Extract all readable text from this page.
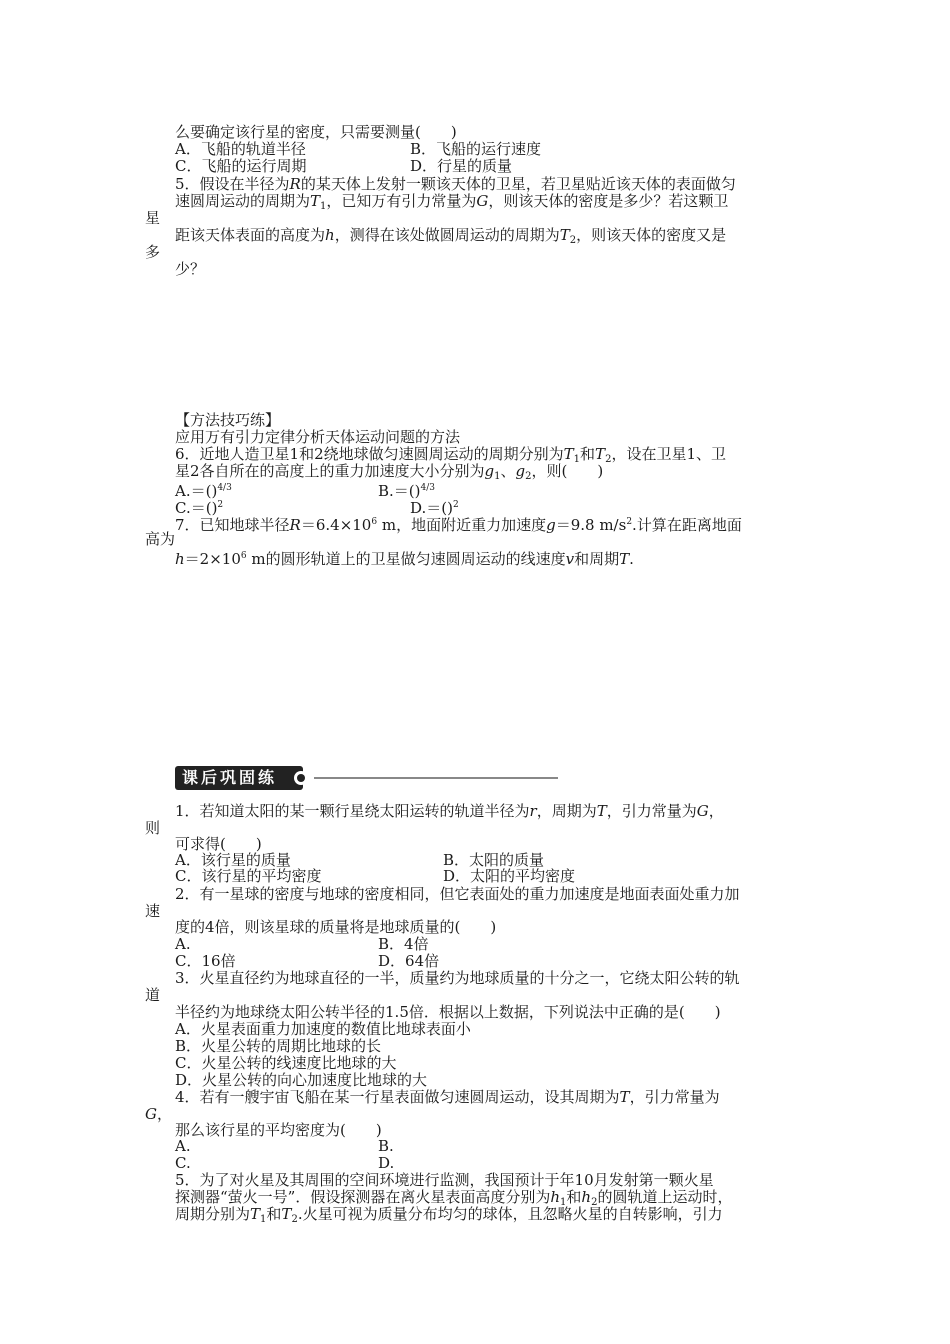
么要确定该行星的密度，只需要测量(　　)
A．飞船的轨道半径	B．飞船的运行速度
C．飞船的运行周期	D．行星的质量
5．假设在半径为R的某天体上发射一颗该天体的卫星，若卫星贴近该天体的表面做匀
速圆周运动的周期为$T_1$，已知万有引力常量为G，则该天体的密度是多少？若这颗卫
星
距该天体表面的高度为h，测得在该处做圆周运动的周期为$T_2$，则该天体的密度又是
多
少？
【方法技巧练】
应用万有引力定律分析天体运动问题的方法
6．近地人造卫星1和2绕地球做匀速圆周运动的周期分别为$T_1$和$T_2$，设在卫星1、卫
星2各自所在的高度上的重力加速度大小分别为$g_1$、$g_2$，则(　　)
A.＝()$^{4/3}$	B.＝()$^{4/3}$
C.＝()$^2$	D.＝()$^2$
7．已知地球半径$R=6.4\times 10^6$ m，地面附近重力加速度g＝9.8 $m/s^2$.计算在距离地面
高为
$h=2\times 10^6$ m的圆形轨道上的卫星做匀速圆周运动的线速度v和周期T.
课后巩固练
1．若知道太阳的某一颗行星绕太阳运转的轨道半径为r，周期为T，引力常量为G，
则
可求得(　　)
A．该行星的质量	B．太阳的质量
C．该行星的平均密度	D．太阳的平均密度
2．有一星球的密度与地球的密度相同，但它表面处的重力加速度是地面表面处重力加
速
度的4倍，则该星球的质量将是地球质量的(　　)
A.	B．4倍
C．16倍	D．64倍
3．火星直径约为地球直径的一半，质量约为地球质量的十分之一，它绕太阳公转的轨
道
半径约为地球绕太阳公转半径的1.5倍．根据以上数据，下列说法中正确的是(　　)
A．火星表面重力加速度的数值比地球表面小
B．火星公转的周期比地球的长
C．火星公转的线速度比地球的大
D．火星公转的向心加速度比地球的大
4．若有一艘宇宙飞船在某一行星表面做匀速圆周运动，设其周期为T，引力常量为
G，
那么该行星的平均密度为(　　)
A.	B.
C.	D.
5．为了对火星及其周围的空间环境进行监测，我国预计于年10月发射第一颗火星
探测器“萤火一号”．假设探测器在离火星表面高度分别为$h_1$和$h_2$的圆轨道上运动时，
周期分别为$T_1$和$T_2$.火星可视为质量分布均匀的球体，且忽略火星的自转影响，引力
